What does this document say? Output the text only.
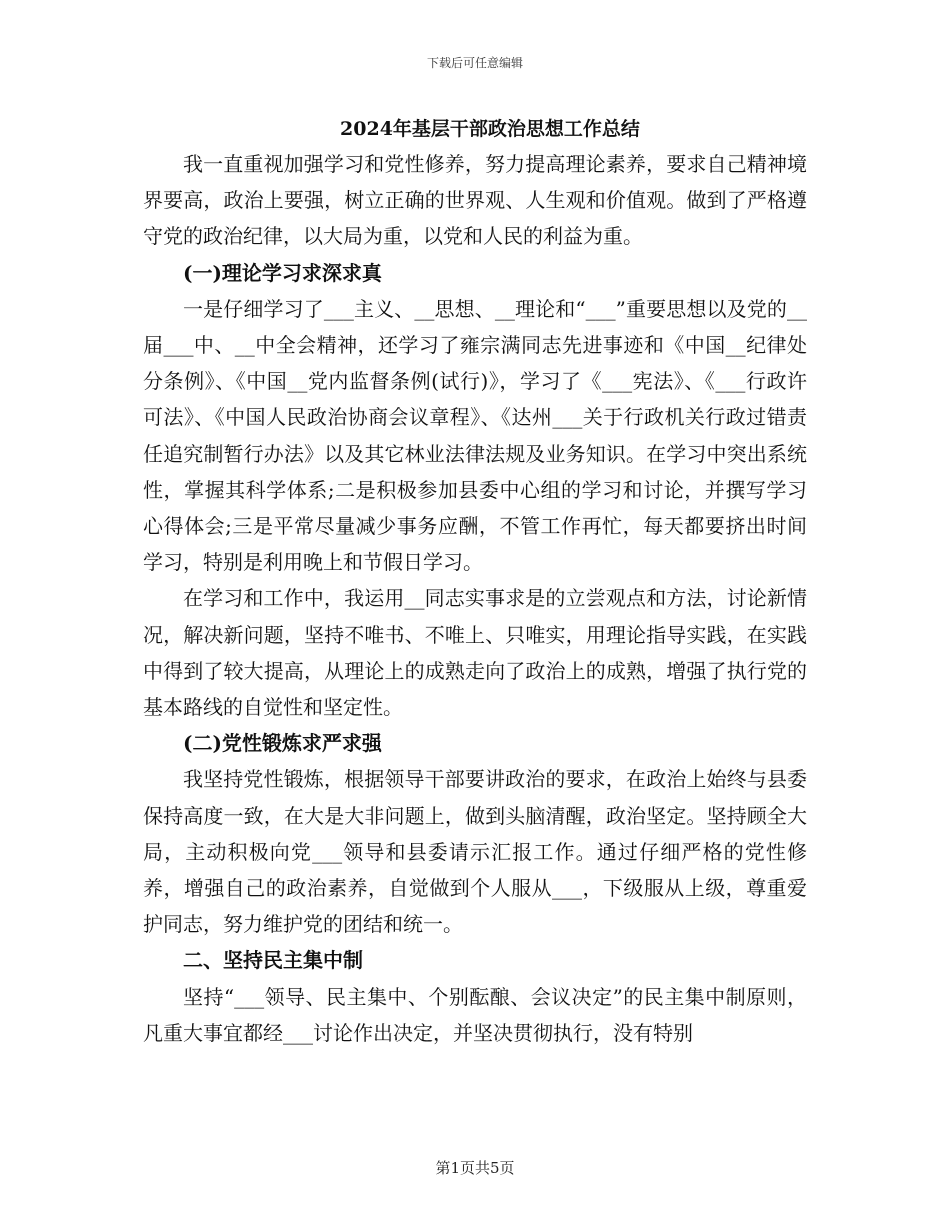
下载后可任意编辑
2024年基层干部政治思想工作总结

我一直重视加强学习和党性修养，努力提高理论素养，要求自己精神境界要高，政治上要强，树立正确的世界观、人生观和价值观。做到了严格遵守党的政治纪律，以大局为重，以党和人民的利益为重。

(一)理论学习求深求真

一是仔细学习了___主义、__思想、__理论和“___”重要思想以及党的__届___中、__中全会精神，还学习了雍宗满同志先进事迹和《中国__纪律处分条例》、《中国__党内监督条例(试行)》，学习了《___宪法》、《___行政许可法》、《中国人民政治协商会议章程》、《达州___关于行政机关行政过错责任追究制暂行办法》以及其它林业法律法规及业务知识。在学习中突出系统性，掌握其科学体系;二是积极参加县委中心组的学习和讨论，并撰写学习心得体会;三是平常尽量减少事务应酬，不管工作再忙，每天都要挤出时间学习，特别是利用晚上和节假日学习。

在学习和工作中，我运用__同志实事求是的立尝观点和方法，讨论新情况，解决新问题，坚持不唯书、不唯上、只唯实，用理论指导实践，在实践中得到了较大提高，从理论上的成熟走向了政治上的成熟，增强了执行党的基本路线的自觉性和坚定性。

(二)党性锻炼求严求强

我坚持党性锻炼，根据领导干部要讲政治的要求，在政治上始终与县委保持高度一致，在大是大非问题上，做到头脑清醒，政治坚定。坚持顾全大局，主动积极向党___领导和县委请示汇报工作。通过仔细严格的党性修养，增强自己的政治素养，自觉做到个人服从___，下级服从上级，尊重爱护同志，努力维护党的团结和统一。

二、坚持民主集中制

坚持“___领导、民主集中、个别酝酿、会议决定”的民主集中制原则，凡重大事宜都经___讨论作出决定，并坚决贯彻执行，没有特别

第1页共5页
